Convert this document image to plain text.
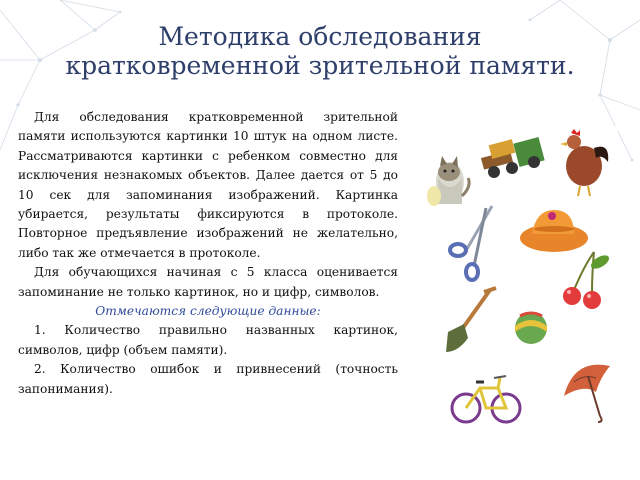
Методика обследования кратковременной зрительной памяти.

Для обследования кратковременной зрительной памяти используются картинки 10 штук на одном листе. Рассматриваются картинки с ребенком совместно для исключения незнакомых объектов. Далее дается от 5 до 10 сек для запоминания изображений. Картинка убирается, результаты фиксируются в протоколе. Повторное предъявление изображений не желательно, либо так же отмечается в протоколе.

Для обучающихся начиная с 5 класса оценивается запоминание не только картинок, но и цифр, символов.

Отмечаются следующие данные:

1. Количество правильно названных картинок, символов, цифр (объем памяти).

2. Количество ошибок и привнесений (точность запонимания).
